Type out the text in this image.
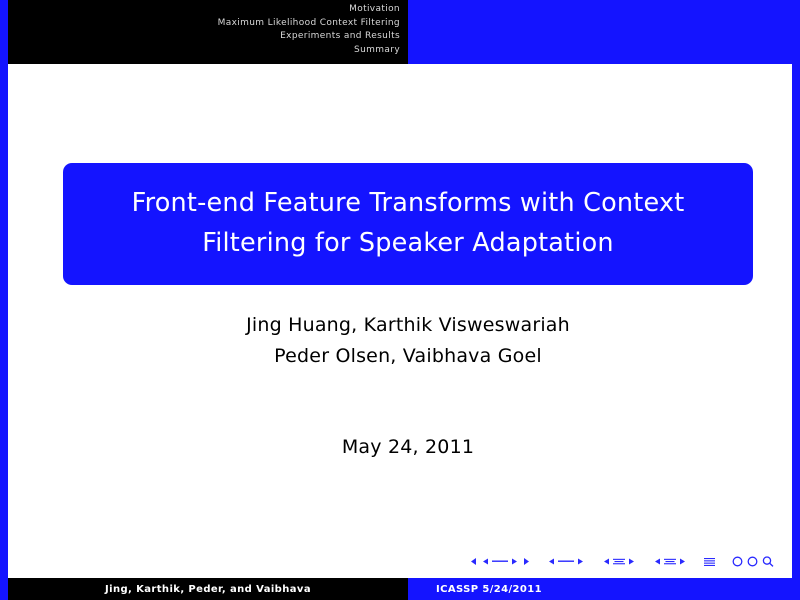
Motivation
Maximum Likelihood Context Filtering
Experiments and Results
Summary
Front-end Feature Transforms with Context
Filtering for Speaker Adaptation
Jing Huang, Karthik Visweswariah
Peder Olsen, Vaibhava Goel
May 24, 2011
Jing, Karthik, Peder, and Vaibhava	ICASSP 5/24/2011
